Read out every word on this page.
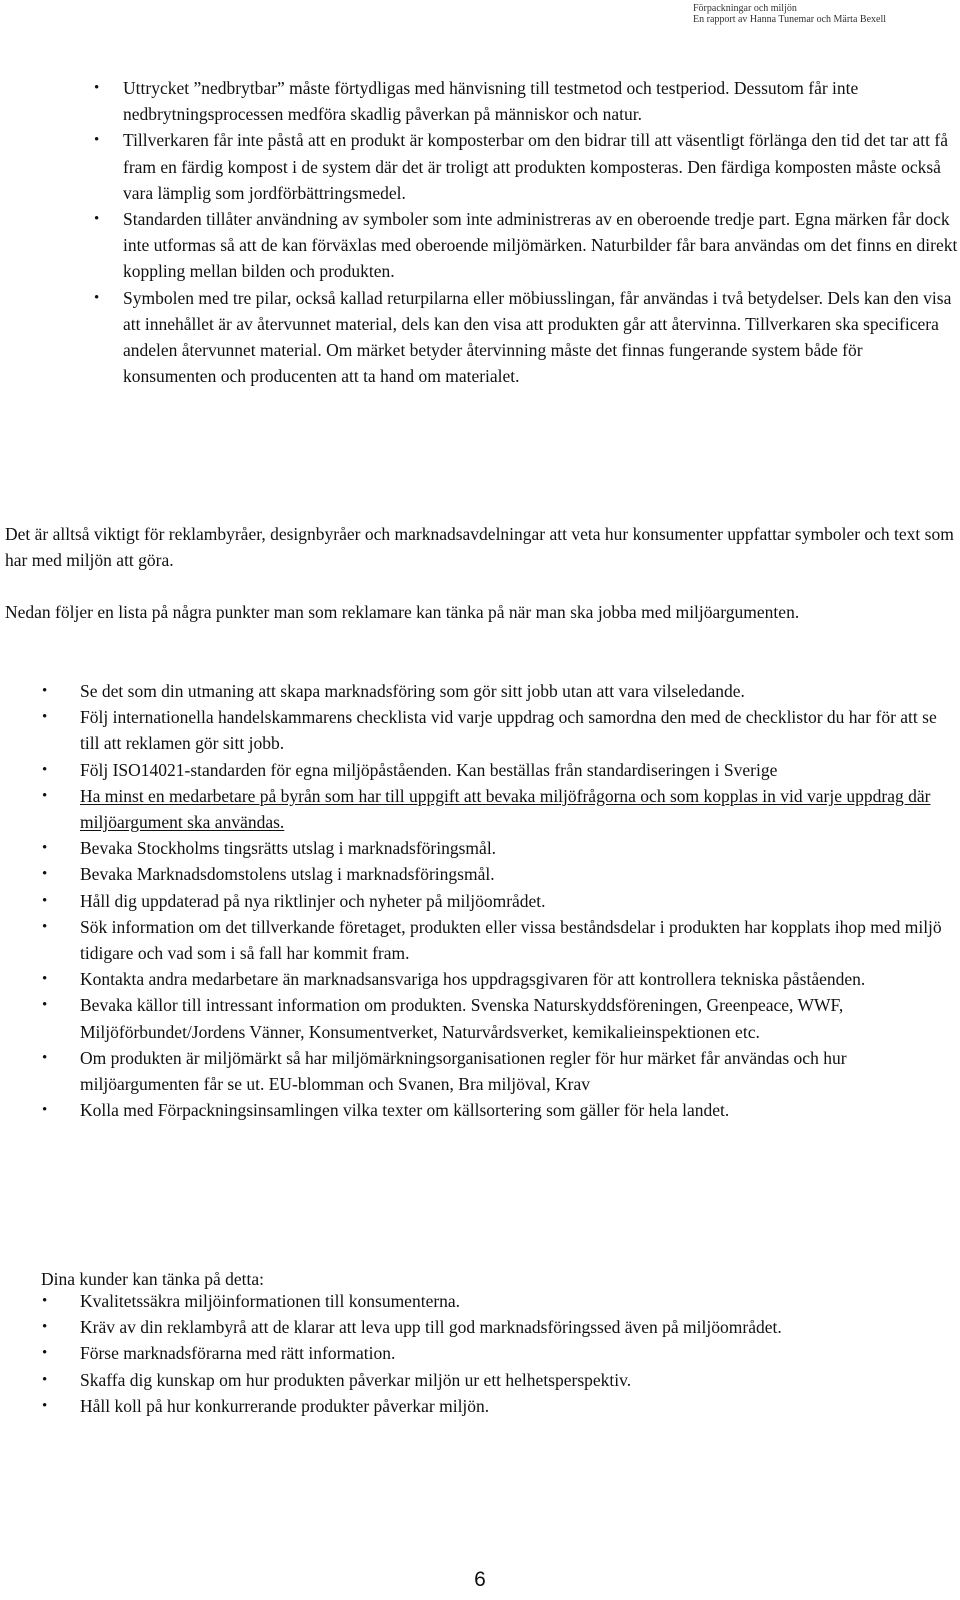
Förpackningar och miljön
En rapport av Hanna Tunemar och Märta Bexell
• Uttrycket ”nedbrytbar” måste förtydligas med hänvisning till testmetod och testperiod. Dessutom får inte nedbrytningsprocessen medföra skadlig påverkan på människor och natur.
• Tillverkaren får inte påstå att en produkt är komposterbar om den bidrar till att väsentligt förlänga den tid det tar att få fram en färdig kompost i de system där det är troligt att produkten komposteras. Den färdiga komposten måste också vara lämplig som jordförbättringsmedel.
• Standarden tillåter användning av symboler som inte administreras av en oberoende tredje part. Egna märken får dock inte utformas så att de kan förväxlas med oberoende miljömärken. Naturbilder får bara användas om det finns en direkt koppling mellan bilden och produkten.
• Symbolen med tre pilar, också kallad returpilarna eller möbiusslingan, får användas i två betydelser. Dels kan den visa att innehållet är av återvunnet material, dels kan den visa att produkten går att återvinna. Tillverkaren ska specificera andelen återvunnet material. Om märket betyder återvinning måste det finnas fungerande system både för konsumenten och producenten att ta hand om materialet.

Det är alltså viktigt för reklambyråer, designbyråer och marknadsavdelningar att veta hur konsumenter uppfattar symboler och text som har med miljön att göra.

Nedan följer en lista på några punkter man som reklamare kan tänka på när man ska jobba med miljöargumenten.

• Se det som din utmaning att skapa marknadsföring som gör sitt jobb utan att vara vilseledande.
• Följ internationella handelskammarens checklista vid varje uppdrag och samordna den med de checklistor du har för att se till att reklamen gör sitt jobb.
• Följ ISO14021-standarden för egna miljöpåståenden. Kan beställas från standardiseringen i Sverige
• Ha minst en medarbetare på byrån som har till uppgift att bevaka miljöfrågorna och som kopplas in vid varje uppdrag där miljöargument ska användas.
• Bevaka Stockholms tingsrätts utslag i marknadsföringsmål.
• Bevaka Marknadsdomstolens utslag i marknadsföringsmål.
• Håll dig uppdaterad på nya riktlinjer och nyheter på miljöområdet.
• Sök information om det tillverkande företaget, produkten eller vissa beståndsdelar i produkten har kopplats ihop med miljö tidigare och vad som i så fall har kommit fram.
• Kontakta andra medarbetare än marknadsansvariga hos uppdragsgivaren för att kontrollera tekniska påståenden.
• Bevaka källor till intressant information om produkten. Svenska Naturskyddsföreningen, Greenpeace, WWF, Miljöförbundet/Jordens Vänner, Konsumentverket, Naturvårdsverket, kemikalieinspektionen etc.
• Om produkten är miljömärkt så har miljömärkningsorganisationen regler för hur märket får användas och hur miljöargumenten får se ut. EU-blomman och Svanen, Bra miljöval, Krav
• Kolla med Förpackningsinsamlingen vilka texter om källsortering som gäller för hela landet.

Dina kunder kan tänka på detta:

• Kvalitetssäkra miljöinformationen till konsumenterna.
• Kräv av din reklambyrå att de klarar att leva upp till god marknadsföringssed även på miljöområdet.
• Förse marknadsförarna med rätt information.
• Skaffa dig kunskap om hur produkten påverkar miljön ur ett helhetsperspektiv.
• Håll koll på hur konkurrerande produkter påverkar miljön.
6
